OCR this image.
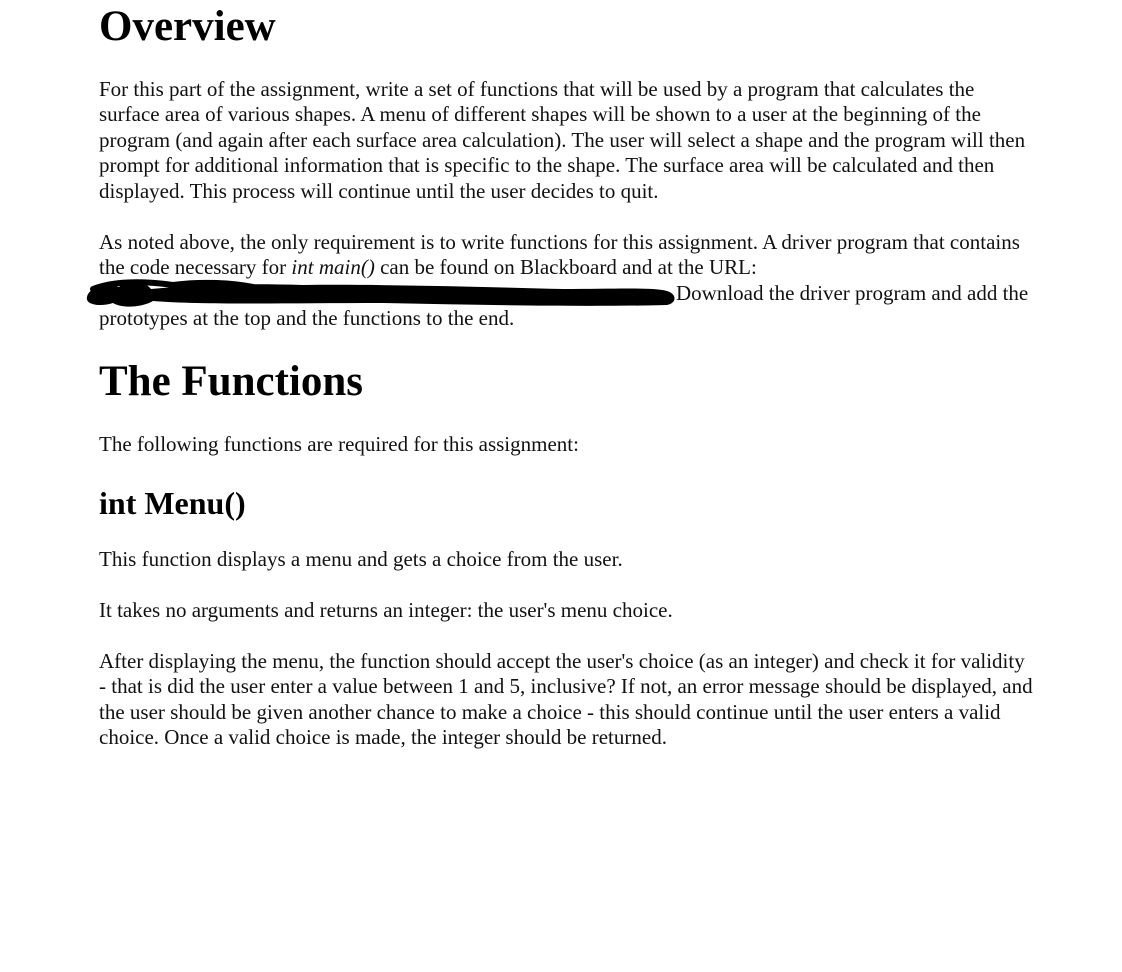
Overview

For this part of the assignment, write a set of functions that will be used by a program that calculates the surface area of various shapes. A menu of different shapes will be shown to a user at the beginning of the program (and again after each surface area calculation). The user will select a shape and the program will then prompt for additional information that is specific to the shape. The surface area will be calculated and then displayed. This process will continue until the user decides to quit.

As noted above, the only requirement is to write functions for this assignment. A driver program that contains the code necessary for int main() can be found on Blackboard and at the URL: Download the driver program and add the prototypes at the top and the functions to the end.

The Functions

The following functions are required for this assignment:

int Menu()

This function displays a menu and gets a choice from the user.

It takes no arguments and returns an integer: the user's menu choice.

After displaying the menu, the function should accept the user's choice (as an integer) and check it for validity - that is did the user enter a value between 1 and 5, inclusive? If not, an error message should be displayed, and the user should be given another chance to make a choice - this should continue until the user enters a valid choice. Once a valid choice is made, the integer should be returned.
